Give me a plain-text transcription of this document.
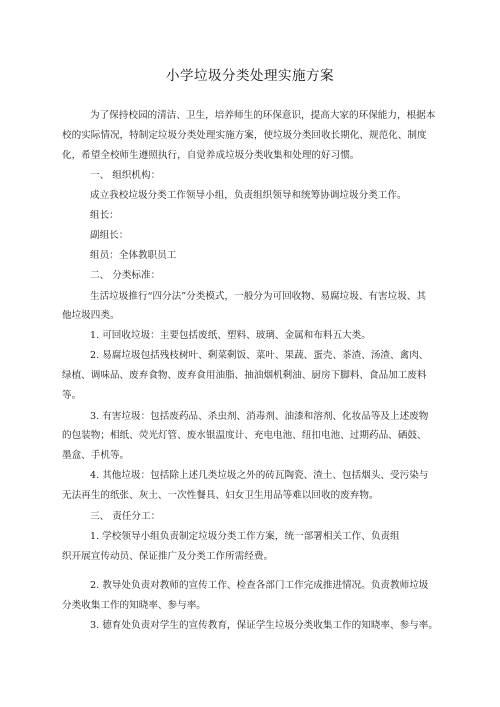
小学垃圾分类处理实施方案
为了保持校园的清洁、卫生，培养师生的环保意识，提高大家的环保能力，根据本
校的实际情况，特制定垃圾分类处理实施方案，使垃圾分类回收长期化、规范化、制度
化，希望全校师生遵照执行，自觉养成垃圾分类收集和处理的好习惯。
一、 组织机构：
成立我校垃圾分类工作领导小组，负责组织领导和统筹协调垃圾分类工作。
组长：
副组长：
组员：全体教职员工
二、 分类标准：
生活垃圾推行“四分法”分类模式，一般分为可回收物、易腐垃圾、有害垃圾、其
他垃圾四类。
1. 可回收垃圾：主要包括废纸、塑料、玻璃、金属和布料五大类。
2. 易腐垃圾包括残枝树叶、剩菜剩饭、菜叶、果蔬、蛋壳、茶渣、汤渣、禽肉、
绿植、调味品、废弃食物、废弃食用油脂、抽油烟机剩油、厨房下脚料、食品加工废料
等。
3. 有害垃圾：包括废药品、杀虫剂、消毒剂、油漆和溶剂、化妆品等及上述废物
的包装物；相纸、荧光灯管、废水银温度计、充电电池、纽扣电池、过期药品、硒鼓、
墨盒、手机等。
4. 其他垃圾：包括除上述几类垃圾之外的砖瓦陶瓷、渣土、包括烟头、受污染与
无法再生的纸张、灰土、一次性餐具、妇女卫生用品等难以回收的废弃物。
三、 责任分工：
1. 学校领导小组负责制定垃圾分类工作方案，统一部署相关工作、负责组
织开展宣传动员、保证推广及分类工作所需经费。
2. 教导处负责对教师的宣传工作、检查各部门工作完成推进情况。负责教师垃圾
分类收集工作的知晓率、参与率。
3. 德育处负责对学生的宣传教育，保证学生垃圾分类收集工作的知晓率、参与率。
